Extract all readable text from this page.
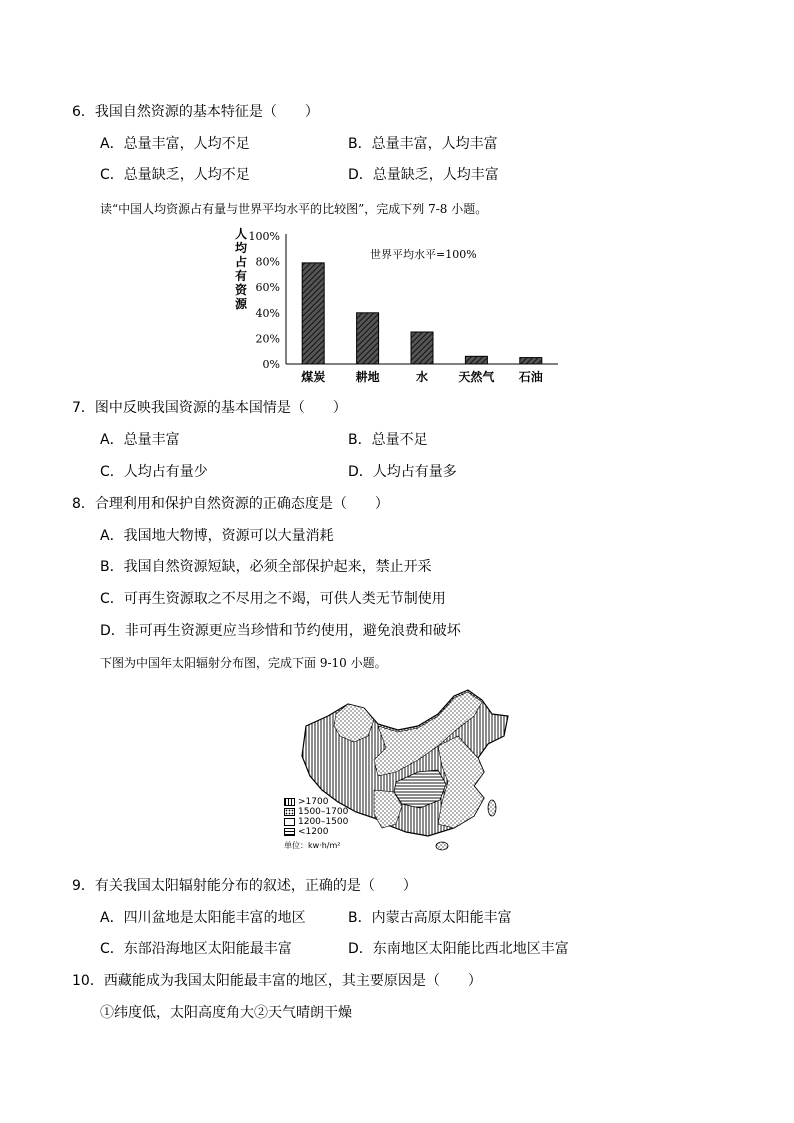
6．我国自然资源的基本特征是（　　）
A．总量丰富，人均不足	B．总量丰富，人均丰富
C．总量缺乏，人均不足	D．总量缺乏，人均丰富
读“中国人均资源占有量与世界平均水平的比较图”，完成下列 7-8 小题。
人
均
占
有
资
源
0%
20%
40%
60%
80%
100%
煤炭	耕地	水	天然气 石油
世界平均水平=100%
7．图中反映我国资源的基本国情是（　　）
A．总量丰富	B．总量不足
C．人均占有量少	D．人均占有量多
8．合理利用和保护自然资源的正确态度是（　　）
A．我国地大物博，资源可以大量消耗
B．我国自然资源短缺，必须全部保护起来，禁止开采
C．可再生资源取之不尽用之不竭，可供人类无节制使用
D．非可再生资源更应当珍惜和节约使用，避免浪费和破坏
下图为中国年太阳辐射分布图，完成下面 9-10 小题。
>1700
1500–1700
1200–1500
<1200
单位：kw·h/m²
9．有关我国太阳辐射能分布的叙述，正确的是（　　）
A．四川盆地是太阳能丰富的地区	B．内蒙古高原太阳能丰富
C．东部沿海地区太阳能最丰富	D．东南地区太阳能比西北地区丰富
10．西藏能成为我国太阳能最丰富的地区，其主要原因是（　　）
①纬度低，太阳高度角大②天气晴朗干燥
